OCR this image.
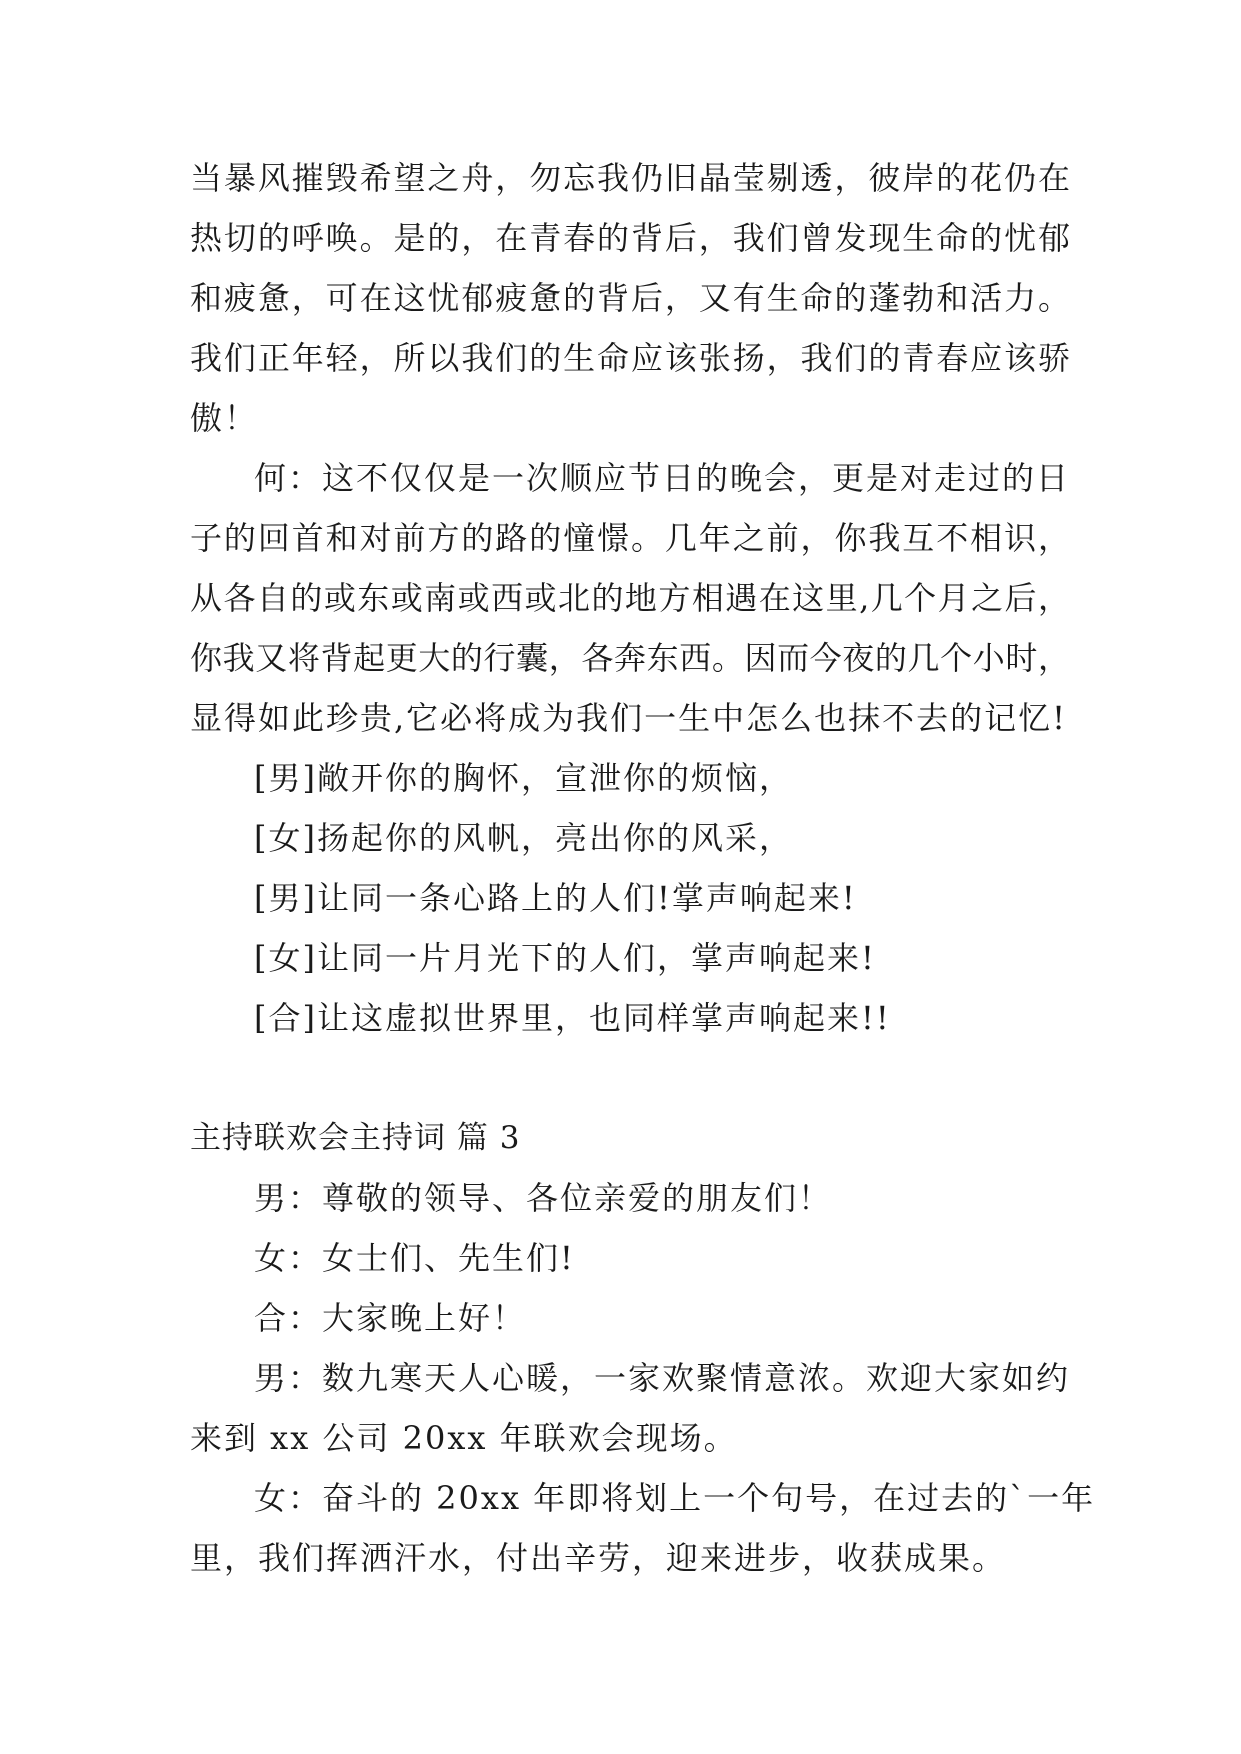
当暴风摧毁希望之舟，勿忘我仍旧晶莹剔透，彼岸的花仍在
热切的呼唤。是的，在青春的背后，我们曾发现生命的忧郁
和疲惫，可在这忧郁疲惫的背后，又有生命的蓬勃和活力。
我们正年轻，所以我们的生命应该张扬，我们的青春应该骄
傲！
何：这不仅仅是一次顺应节日的晚会，更是对走过的日
子的回首和对前方的路的憧憬。几年之前，你我互不相识，
从各自的或东或南或西或北的地方相遇在这里,几个月之后，
你我又将背起更大的行囊，各奔东西。因而今夜的几个小时，
显得如此珍贵,它必将成为我们一生中怎么也抹不去的记忆!
[男]敞开你的胸怀，宣泄你的烦恼，
[女]扬起你的风帆，亮出你的风采，
[男]让同一条心路上的人们!掌声响起来!
[女]让同一片月光下的人们，掌声响起来!
[合]让这虚拟世界里，也同样掌声响起来!!
主持联欢会主持词 篇 3
男：尊敬的领导、各位亲爱的朋友们！
女：女士们、先生们!
合：大家晚上好！
男：数九寒天人心暖，一家欢聚情意浓。欢迎大家如约
来到 xx 公司 20xx 年联欢会现场。
女：奋斗的 20xx 年即将划上一个句号，在过去的`一年
里，我们挥洒汗水，付出辛劳，迎来进步，收获成果。
